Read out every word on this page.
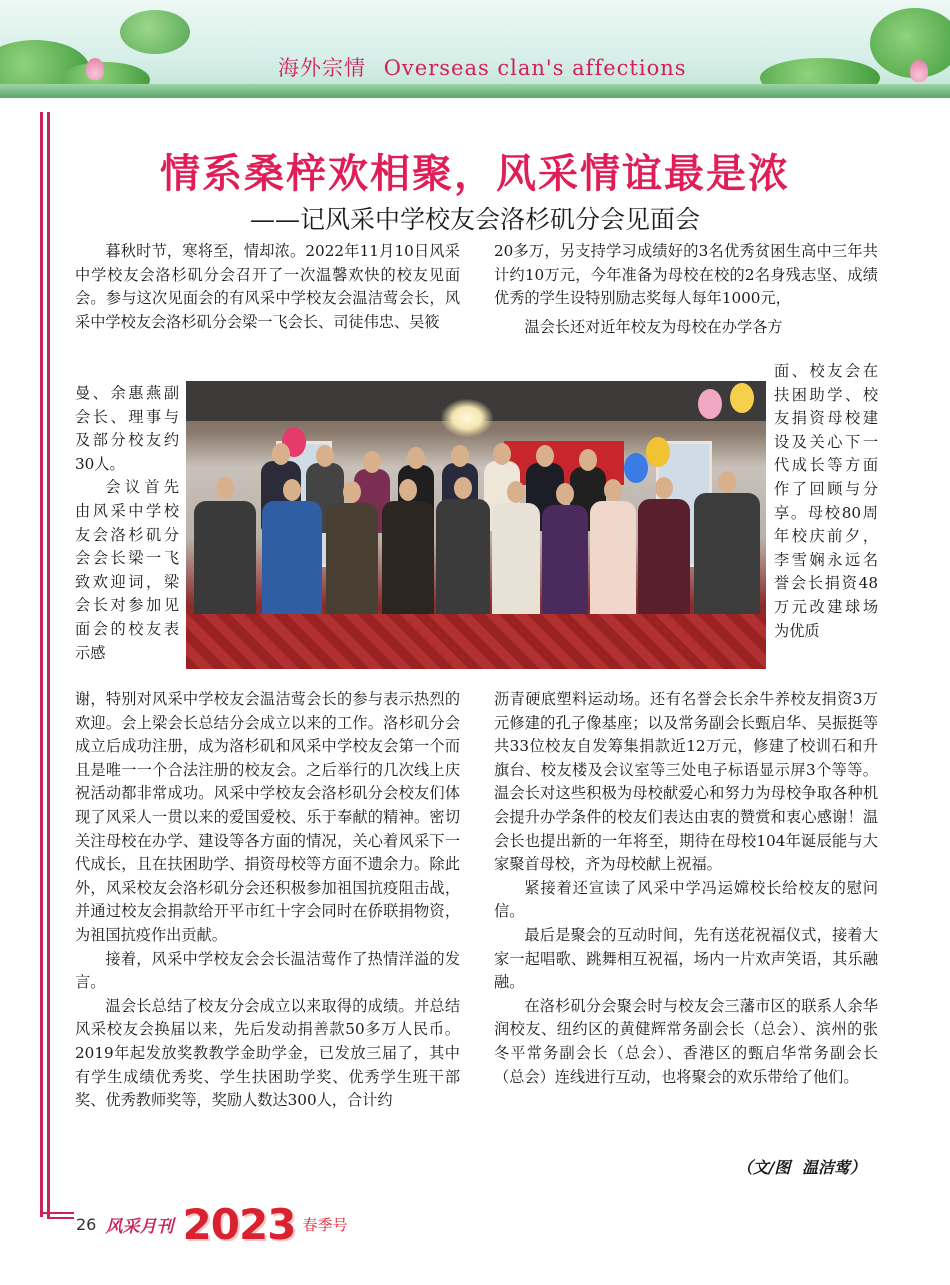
海外宗情 Overseas clan's affections
情系桑梓欢相聚，风采情谊最是浓
——记风采中学校友会洛杉矶分会见面会

暮秋时节，寒将至，情却浓。2022年11月10日风采中学校友会洛杉矶分会召开了一次温馨欢快的校友见面会。参与这次见面会的有风采中学校友会温洁莺会长，风采中学校友会洛杉矶分会梁一飞会长、司徒伟忠、吴筱

曼、余惠燕副会长、理事与及部分校友约30人。

会议首先由风采中学校友会洛杉矶分会会长梁一飞致欢迎词，梁会长对参加见面会的校友表示感

谢，特别对风采中学校友会温洁莺会长的参与表示热烈的欢迎。会上梁会长总结分会成立以来的工作。洛杉矶分会成立后成功注册，成为洛杉矶和风采中学校友会第一个而且是唯一一个合法注册的校友会。之后举行的几次线上庆祝活动都非常成功。风采中学校友会洛杉矶分会校友们体现了风采人一贯以来的爱国爱校、乐于奉献的精神。密切关注母校在办学、建设等各方面的情况，关心着风采下一代成长，且在扶困助学、捐资母校等方面不遗余力。除此外，风采校友会洛杉矶分会还积极参加祖国抗疫阻击战，并通过校友会捐款给开平市红十字会同时在侨联捐物资，为祖国抗疫作出贡献。

接着，风采中学校友会会长温洁莺作了热情洋溢的发言。

温会长总结了校友分会成立以来取得的成绩。并总结风采校友会换届以来，先后发动捐善款50多万人民币。2019年起发放奖教教学金助学金，已发放三届了，其中有学生成绩优秀奖、学生扶困助学奖、优秀学生班干部奖、优秀教师奖等，奖励人数达300人，合计约

20多万，另支持学习成绩好的3名优秀贫困生高中三年共计约10万元，今年准备为母校在校的2名身残志坚、成绩优秀的学生设特别励志奖每人每年1000元，

温会长还对近年校友为母校在办学各方

面、校友会在扶困助学、校友捐资母校建设及关心下一代成长等方面作了回顾与分享。母校80周年校庆前夕，李雪娴永远名誉会长捐资48万元改建球场为优质

沥青硬底塑料运动场。还有名誉会长余牛养校友捐资3万元修建的孔子像基座；以及常务副会长甄启华、吴振挺等共33位校友自发筹集捐款近12万元，修建了校训石和升旗台、校友楼及会议室等三处电子标语显示屏3个等等。温会长对这些积极为母校献爱心和努力为母校争取各种机会提升办学条件的校友们表达由衷的赞赏和衷心感谢！温会长也提出新的一年将至，期待在母校104年诞辰能与大家聚首母校，齐为母校献上祝福。

紧接着还宣读了风采中学冯运嫦校长给校友的慰问信。

最后是聚会的互动时间，先有送花祝福仪式，接着大家一起唱歌、跳舞相互祝福，场内一片欢声笑语，其乐融融。

在洛杉矶分会聚会时与校友会三藩市区的联系人余华润校友、纽约区的黄健辉常务副会长（总会）、滨州的张冬平常务副会长（总会）、香港区的甄启华常务副会长（总会）连线进行互动，也将聚会的欢乐带给了他们。

（文/图 温洁莺）
26 风采月刊 2023 春季号
